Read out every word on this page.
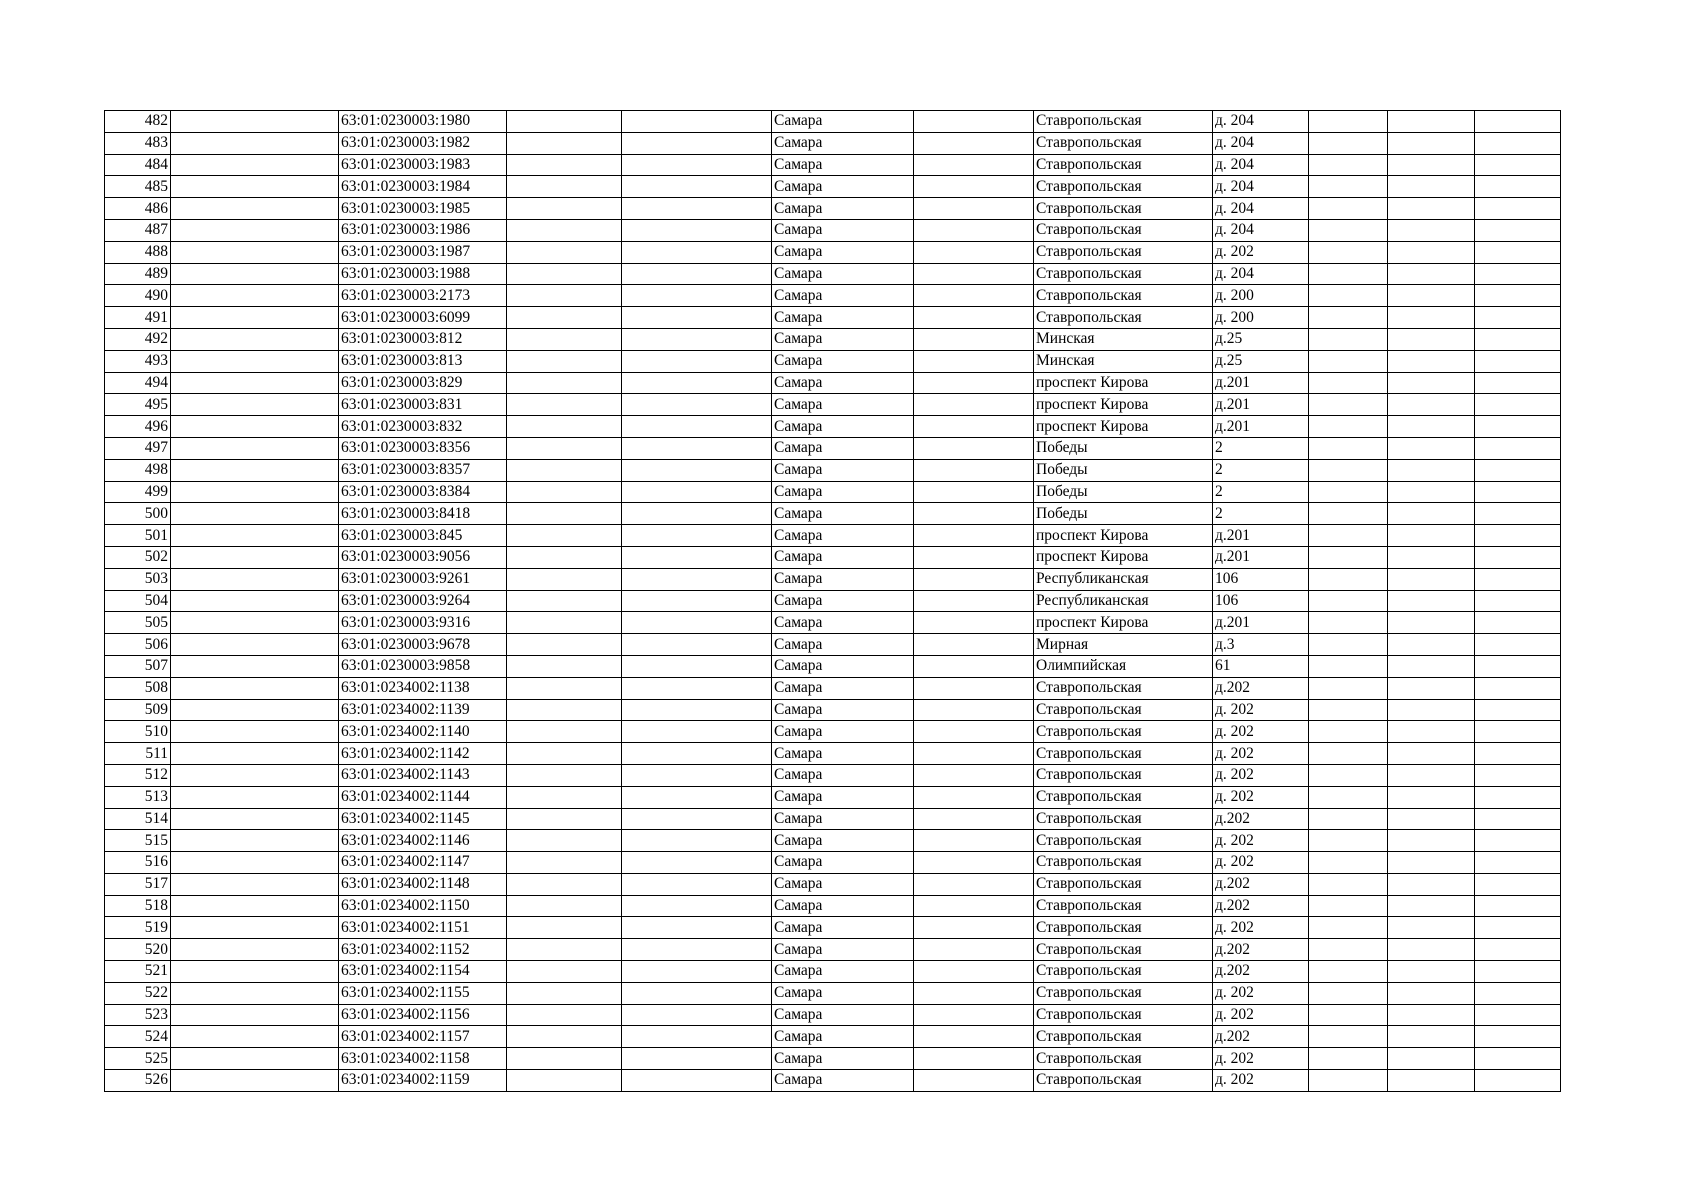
482		63:01:0230003:1980			Самара		Ставропольская	д. 204			
483		63:01:0230003:1982			Самара		Ставропольская	д. 204			
484		63:01:0230003:1983			Самара		Ставропольская	д. 204			
485		63:01:0230003:1984			Самара		Ставропольская	д. 204			
486		63:01:0230003:1985			Самара		Ставропольская	д. 204			
487		63:01:0230003:1986			Самара		Ставропольская	д. 204			
488		63:01:0230003:1987			Самара		Ставропольская	д. 202			
489		63:01:0230003:1988			Самара		Ставропольская	д. 204			
490		63:01:0230003:2173			Самара		Ставропольская	д. 200			
491		63:01:0230003:6099			Самара		Ставропольская	д. 200			
492		63:01:0230003:812			Самара		Минская	д.25			
493		63:01:0230003:813			Самара		Минская	д.25			
494		63:01:0230003:829			Самара		проспект Кирова	д.201			
495		63:01:0230003:831			Самара		проспект Кирова	д.201			
496		63:01:0230003:832			Самара		проспект Кирова	д.201			
497		63:01:0230003:8356			Самара		Победы	2			
498		63:01:0230003:8357			Самара		Победы	2			
499		63:01:0230003:8384			Самара		Победы	2			
500		63:01:0230003:8418			Самара		Победы	2			
501		63:01:0230003:845			Самара		проспект Кирова	д.201			
502		63:01:0230003:9056			Самара		проспект Кирова	д.201			
503		63:01:0230003:9261			Самара		Республиканская	106			
504		63:01:0230003:9264			Самара		Республиканская	106			
505		63:01:0230003:9316			Самара		проспект Кирова	д.201			
506		63:01:0230003:9678			Самара		Мирная	д.3			
507		63:01:0230003:9858			Самара		Олимпийская	61			
508		63:01:0234002:1138			Самара		Ставропольская	д.202			
509		63:01:0234002:1139			Самара		Ставропольская	д. 202			
510		63:01:0234002:1140			Самара		Ставропольская	д. 202			
511		63:01:0234002:1142			Самара		Ставропольская	д. 202			
512		63:01:0234002:1143			Самара		Ставропольская	д. 202			
513		63:01:0234002:1144			Самара		Ставропольская	д. 202			
514		63:01:0234002:1145			Самара		Ставропольская	д.202			
515		63:01:0234002:1146			Самара		Ставропольская	д. 202			
516		63:01:0234002:1147			Самара		Ставропольская	д. 202			
517		63:01:0234002:1148			Самара		Ставропольская	д.202			
518		63:01:0234002:1150			Самара		Ставропольская	д.202			
519		63:01:0234002:1151			Самара		Ставропольская	д. 202			
520		63:01:0234002:1152			Самара		Ставропольская	д.202			
521		63:01:0234002:1154			Самара		Ставропольская	д.202			
522		63:01:0234002:1155			Самара		Ставропольская	д. 202			
523		63:01:0234002:1156			Самара		Ставропольская	д. 202			
524		63:01:0234002:1157			Самара		Ставропольская	д.202			
525		63:01:0234002:1158			Самара		Ставропольская	д. 202			
526		63:01:0234002:1159			Самара		Ставропольская	д. 202			
